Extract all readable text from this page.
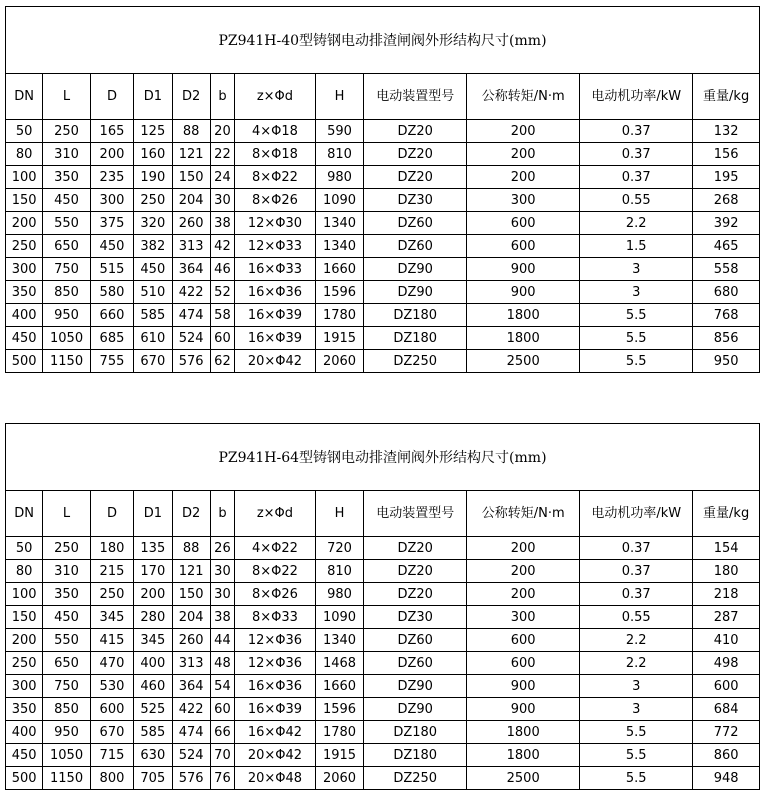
PZ941H-40型铸钢电动排渣闸阀外形结构尺寸(mm)											
DN	L	D	D1	D2	b	z×Φd	H	电动装置型号	公称转矩/N·m	电动机功率/kW	重量/kg
50	250	165	125	88	20	4×Φ18	590	DZ20	200	0.37	132
80	310	200	160	121	22	8×Φ18	810	DZ20	200	0.37	156
100	350	235	190	150	24	8×Φ22	980	DZ20	200	0.37	195
150	450	300	250	204	30	8×Φ26	1090	DZ30	300	0.55	268
200	550	375	320	260	38	12×Φ30	1340	DZ60	600	2.2	392
250	650	450	382	313	42	12×Φ33	1340	DZ60	600	1.5	465
300	750	515	450	364	46	16×Φ33	1660	DZ90	900	3	558
350	850	580	510	422	52	16×Φ36	1596	DZ90	900	3	680
400	950	660	585	474	58	16×Φ39	1780	DZ180	1800	5.5	768
450	1050	685	610	524	60	16×Φ39	1915	DZ180	1800	5.5	856
500	1150	755	670	576	62	20×Φ42	2060	DZ250	2500	5.5	950
PZ941H-64型铸钢电动排渣闸阀外形结构尺寸(mm)											
DN	L	D	D1	D2	b	z×Φd	H	电动装置型号	公称转矩/N·m	电动机功率/kW	重量/kg
50	250	180	135	88	26	4×Φ22	720	DZ20	200	0.37	154
80	310	215	170	121	30	8×Φ22	810	DZ20	200	0.37	180
100	350	250	200	150	30	8×Φ26	980	DZ20	200	0.37	218
150	450	345	280	204	38	8×Φ33	1090	DZ30	300	0.55	287
200	550	415	345	260	44	12×Φ36	1340	DZ60	600	2.2	410
250	650	470	400	313	48	12×Φ36	1468	DZ60	600	2.2	498
300	750	530	460	364	54	16×Φ36	1660	DZ90	900	3	600
350	850	600	525	422	60	16×Φ39	1596	DZ90	900	3	684
400	950	670	585	474	66	16×Φ42	1780	DZ180	1800	5.5	772
450	1050	715	630	524	70	20×Φ42	1915	DZ180	1800	5.5	860
500	1150	800	705	576	76	20×Φ48	2060	DZ250	2500	5.5	948
